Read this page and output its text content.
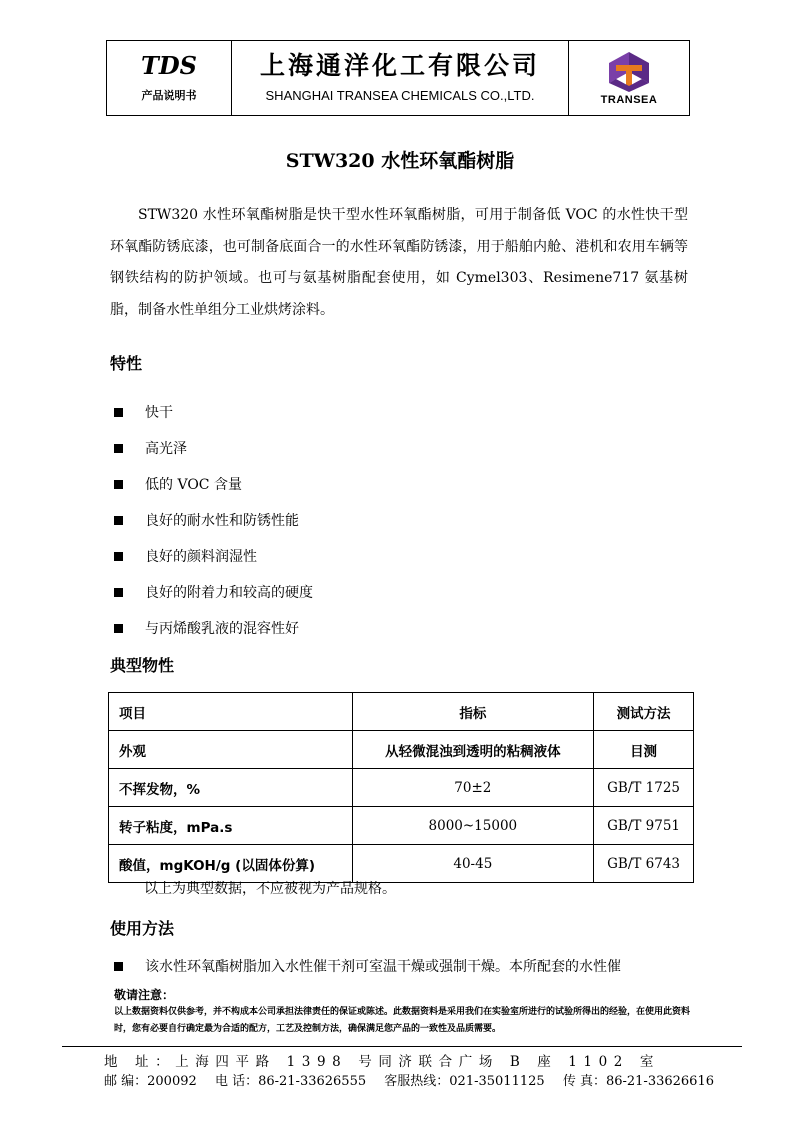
TDS
产品说明书
上海通洋化工有限公司
SHANGHAI TRANSEA CHEMICALS CO.,LTD.	TRANSEA
STW320 水性环氧酯树脂
STW320 水性环氧酯树脂是快干型水性环氧酯树脂，可用于制备低 VOC 的水性快干型环氧酯防锈底漆，也可制备底面合一的水性环氧酯防锈漆，用于船舶内舱、港机和农用车辆等钢铁结构的防护领域。也可与氨基树脂配套使用，如 Cymel303、Resimene717 氨基树脂，制备水性单组分工业烘烤涂料。
特性
快干
高光泽
低的 VOC 含量
良好的耐水性和防锈性能
良好的颜料润湿性
良好的附着力和较高的硬度
与丙烯酸乳液的混容性好
典型物性
项目	指标	测试方法
外观	从轻微混浊到透明的粘稠液体	目测
不挥发物，%	70±2	GB/T 1725
转子粘度，mPa.s	8000~15000	GB/T 9751
酸值，mgKOH/g (以固体份算)	40-45	GB/T 6743
以上为典型数据，不应被视为产品规格。
使用方法
该水性环氧酯树脂加入水性催干剂可室温干燥或强制干燥。本所配套的水性催
敬请注意：
以上数据资料仅供参考，并不构成本公司承担法律责任的保证或陈述。此数据资料是采用我们在实验室所进行的试验所得出的经验，在使用此资料时，您有必要自行确定最为合适的配方，工艺及控制方法，确保满足您产品的一致性及品质需要。
地 址：上海四平路 1398 号同济联合广场 B 座 1102 室
邮 编：200092 电 话：86-21-33626555 客服热线：021-35011125 传 真：86-21-33626616
